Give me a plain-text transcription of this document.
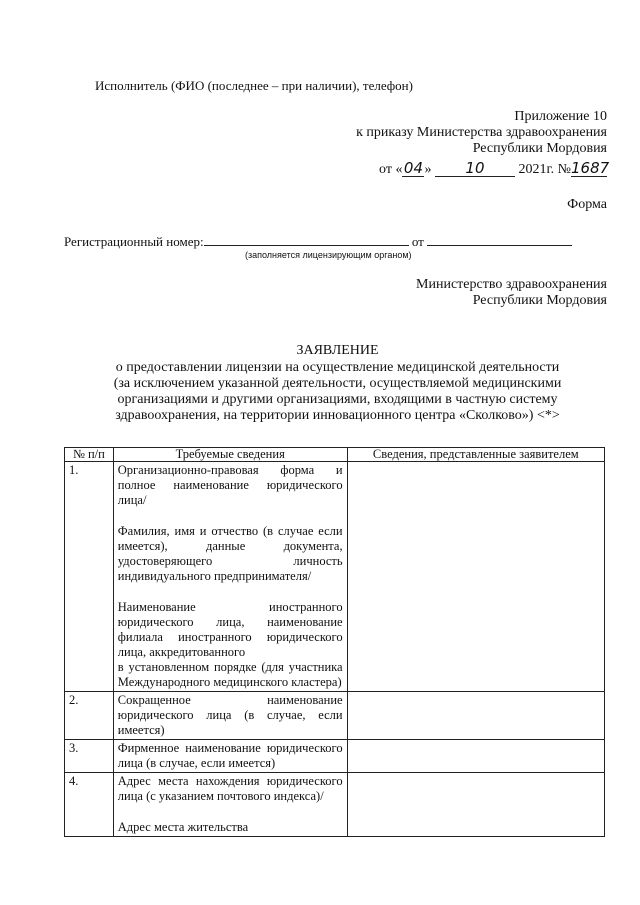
Исполнитель (ФИО (последнее – при наличии), телефон)
Приложение 10
к приказу Министерства здравоохранения
Республики Мордовия
от «04» 10 2021г. №1687
Форма
Регистрационный номер:	от
(заполняется лицензирующим органом)
Министерство здравоохранения
Республики Мордовия
ЗАЯВЛЕНИЕ
о предоставлении лицензии на осуществление медицинской деятельности
(за исключением указанной деятельности, осуществляемой медицинскими
организациями и другими организациями, входящими в частную систему
здравоохранения, на территории инновационного центра «Сколково») <*>
№ п/п	Требуемые сведения	Сведения, представленные заявителем
1.	Организационно-правовая форма и полное наименование юридического лица/
Фамилия, имя и отчество (в случае если имеется), данные документа, удостоверяющего личность индивидуального предпринимателя/
Наименование иностранного юридического лица, наименование филиала иностранного юридического лица, аккредитованного
в установленном порядке (для участника Международного медицинского кластера)	

2.	Сокращенное наименование юридического лица (в случае, если имеется)	

3.	Фирменное наименование юридического лица (в случае, если имеется)	

4.	Адрес места нахождения юридического лица (с указанием почтового индекса)/
Адрес места жительства	
